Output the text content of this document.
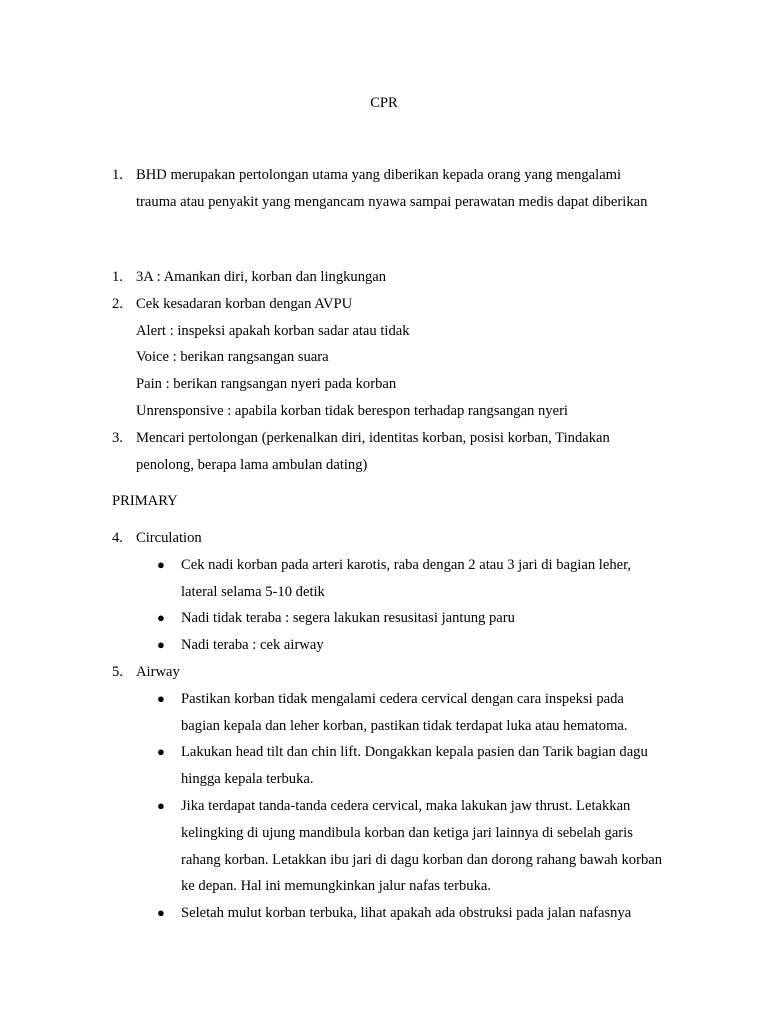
CPR
1. BHD merupakan pertolongan utama yang diberikan kepada orang yang mengalami
trauma atau penyakit yang mengancam nyawa sampai perawatan medis dapat diberikan
1. 3A : Amankan diri, korban dan lingkungan
2. Cek kesadaran korban dengan AVPU
Alert : inspeksi apakah korban sadar atau tidak
Voice : berikan rangsangan suara
Pain : berikan rangsangan nyeri pada korban
Unrensponsive : apabila korban tidak berespon terhadap rangsangan nyeri
3. Mencari pertolongan (perkenalkan diri, identitas korban, posisi korban, Tindakan
penolong, berapa lama ambulan dating)
PRIMARY
4. Circulation
● Cek nadi korban pada arteri karotis, raba dengan 2 atau 3 jari di bagian leher,
lateral selama 5-10 detik
● Nadi tidak teraba : segera lakukan resusitasi jantung paru
● Nadi teraba : cek airway
5. Airway
● Pastikan korban tidak mengalami cedera cervical dengan cara inspeksi pada
bagian kepala dan leher korban, pastikan tidak terdapat luka atau hematoma.
● Lakukan head tilt dan chin lift. Dongakkan kepala pasien dan Tarik bagian dagu
hingga kepala terbuka.
● Jika terdapat tanda-tanda cedera cervical, maka lakukan jaw thrust. Letakkan
kelingking di ujung mandibula korban dan ketiga jari lainnya di sebelah garis
rahang korban. Letakkan ibu jari di dagu korban dan dorong rahang bawah korban
ke depan. Hal ini memungkinkan jalur nafas terbuka.
● Seletah mulut korban terbuka, lihat apakah ada obstruksi pada jalan nafasnya
